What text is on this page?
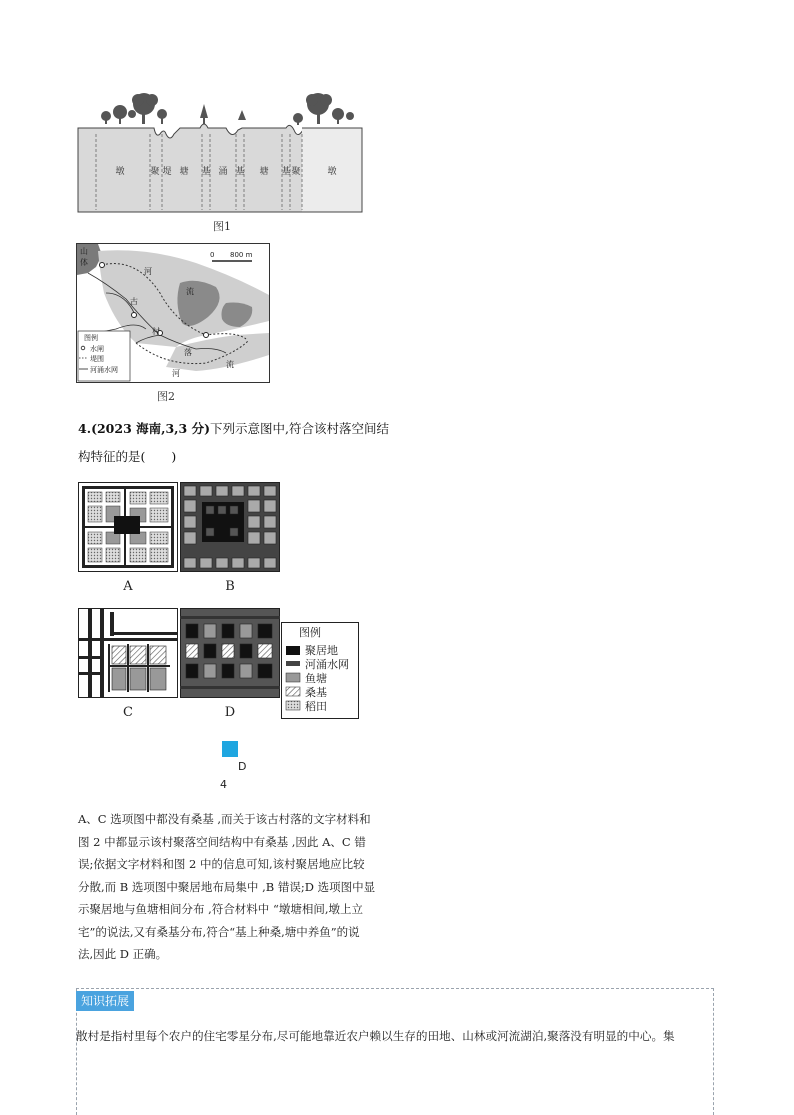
墩	聚 堤 塘 基 涌 基 塘 基 聚	墩
图1
山
体
河
流
古
村
落
河
流
0 800 m
图例
水闸
堤围
河涌水网
图2
4.(2023 海南,3,3 分)下列示意图中,符合该村落空间结
构特征的是( )
A	B
C	D
图例
聚居地
河涌水网
鱼塘
桑基
稻田
D
4
A、C 选项图中都没有桑基 ,而关于该古村落的文字材料和
图 2 中都显示该村聚落空间结构中有桑基 ,因此 A、C 错
误;依据文字材料和图 2 中的信息可知,该村聚居地应比较
分散,而 B 选项图中聚居地布局集中 ,B 错误;D 选项图中显
示聚居地与鱼塘相间分布 ,符合材料中 “墩塘相间,墩上立
宅”的说法,又有桑基分布,符合“基上种桑,塘中养鱼”的说
法,因此 D 正确。
知识拓展
散村是指村里每个农户的住宅零星分布,尽可能地靠近农户赖以生存的田地、山林或河流湖泊,聚落没有明显的中心。集
